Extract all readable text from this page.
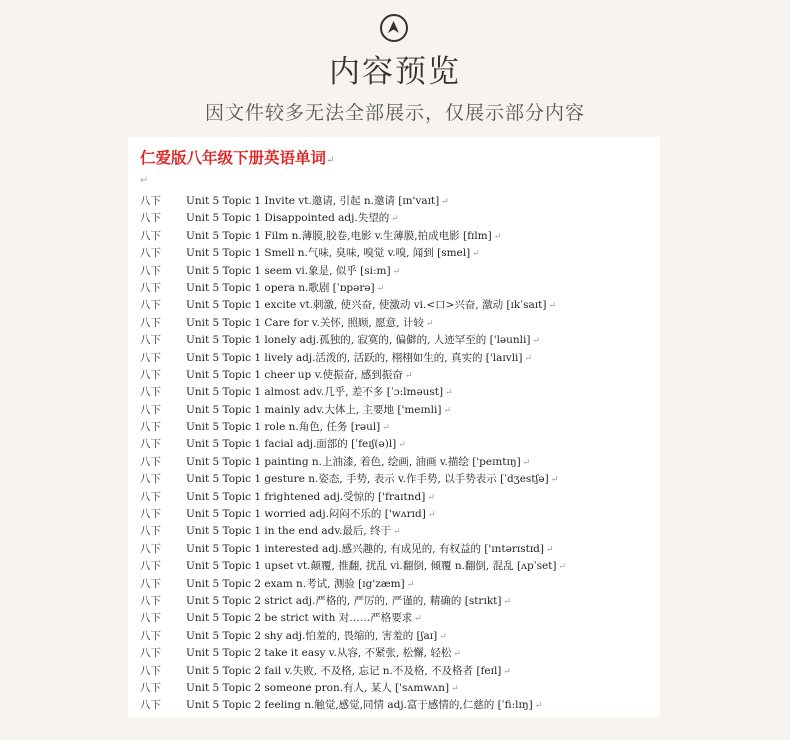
内容预览
因文件较多无法全部展示，仅展示部分内容
仁爱版八年级下册英语单词↵
↵
八下 Unit 5 Topic 1 Invite vt.邀请, 引起 n.邀请 [ɪn'vaɪt] ↵
八下 Unit 5 Topic 1 Disappointed adj.失望的 ↵
八下 Unit 5 Topic 1 Film n.薄膜,胶卷,电影 v.生薄膜,拍成电影 [fɪlm] ↵
八下 Unit 5 Topic 1 Smell n.气味, 臭味, 嗅觉 v.嗅, 闻到 [smel] ↵
八下 Unit 5 Topic 1 seem vi.象是, 似乎 [si:m] ↵
八下 Unit 5 Topic 1 opera n.歌剧 [ˈɒpərə] ↵
八下 Unit 5 Topic 1 excite vt.刺激, 使兴奋, 使激动 vi.<口>兴奋, 激动 [ɪkˈsaɪt] ↵
八下 Unit 5 Topic 1 Care for v.关怀, 照顾, 愿意, 计较 ↵
八下 Unit 5 Topic 1 lonely adj.孤独的, 寂寞的, 偏僻的, 人迹罕至的 ['ləunli] ↵
八下 Unit 5 Topic 1 lively adj.活泼的, 活跃的, 栩栩如生的, 真实的 ['laɪvli] ↵
八下 Unit 5 Topic 1 cheer up v.使振奋, 感到振奋 ↵
八下 Unit 5 Topic 1 almost adv.几乎, 差不多 [ˈɔ:lməust] ↵
八下 Unit 5 Topic 1 mainly adv.大体上, 主要地 ['meɪnli] ↵
八下 Unit 5 Topic 1 role n.角色, 任务 [rəul] ↵
八下 Unit 5 Topic 1 facial adj.面部的 [ˈfeɪʃ(ə)l] ↵
八下 Unit 5 Topic 1 painting n.上油漆, 着色, 绘画, 油画 v.描绘 ['peɪntɪŋ] ↵
八下 Unit 5 Topic 1 gesture n.姿态, 手势, 表示 v.作手势, 以手势表示 [ˈdʒestʃə] ↵
八下 Unit 5 Topic 1 frightened adj.受惊的 ['fraɪtnd] ↵
八下 Unit 5 Topic 1 worried adj.闷闷不乐的 ['wʌrɪd] ↵
八下 Unit 5 Topic 1 in the end adv.最后, 终于 ↵
八下 Unit 5 Topic 1 interested adj.感兴趣的, 有成见的, 有权益的 ['ɪntərɪstɪd] ↵
八下 Unit 5 Topic 1 upset vt.颠覆, 推翻, 扰乱 vi.翻倒, 倾覆 n.翻倒, 混乱 [ʌpˈset] ↵
八下 Unit 5 Topic 2 exam n.考试, 测验 [ɪg'zæm] ↵
八下 Unit 5 Topic 2 strict adj.严格的, 严厉的, 严谨的, 精确的 [strɪkt] ↵
八下 Unit 5 Topic 2 be strict with 对……严格要求 ↵
八下 Unit 5 Topic 2 shy adj.怕羞的, 畏缩的, 害羞的 [ʃaɪ] ↵
八下 Unit 5 Topic 2 take it easy v.从容, 不紧张, 松懈, 轻松 ↵
八下 Unit 5 Topic 2 fail v.失败, 不及格, 忘记 n.不及格, 不及格者 [feɪl] ↵
八下 Unit 5 Topic 2 someone pron.有人, 某人 ['sʌmwʌn] ↵
八下 Unit 5 Topic 2 feeling n.触觉,感觉,同情 adj.富于感情的,仁慈的 [ˈfi:lɪŋ] ↵
